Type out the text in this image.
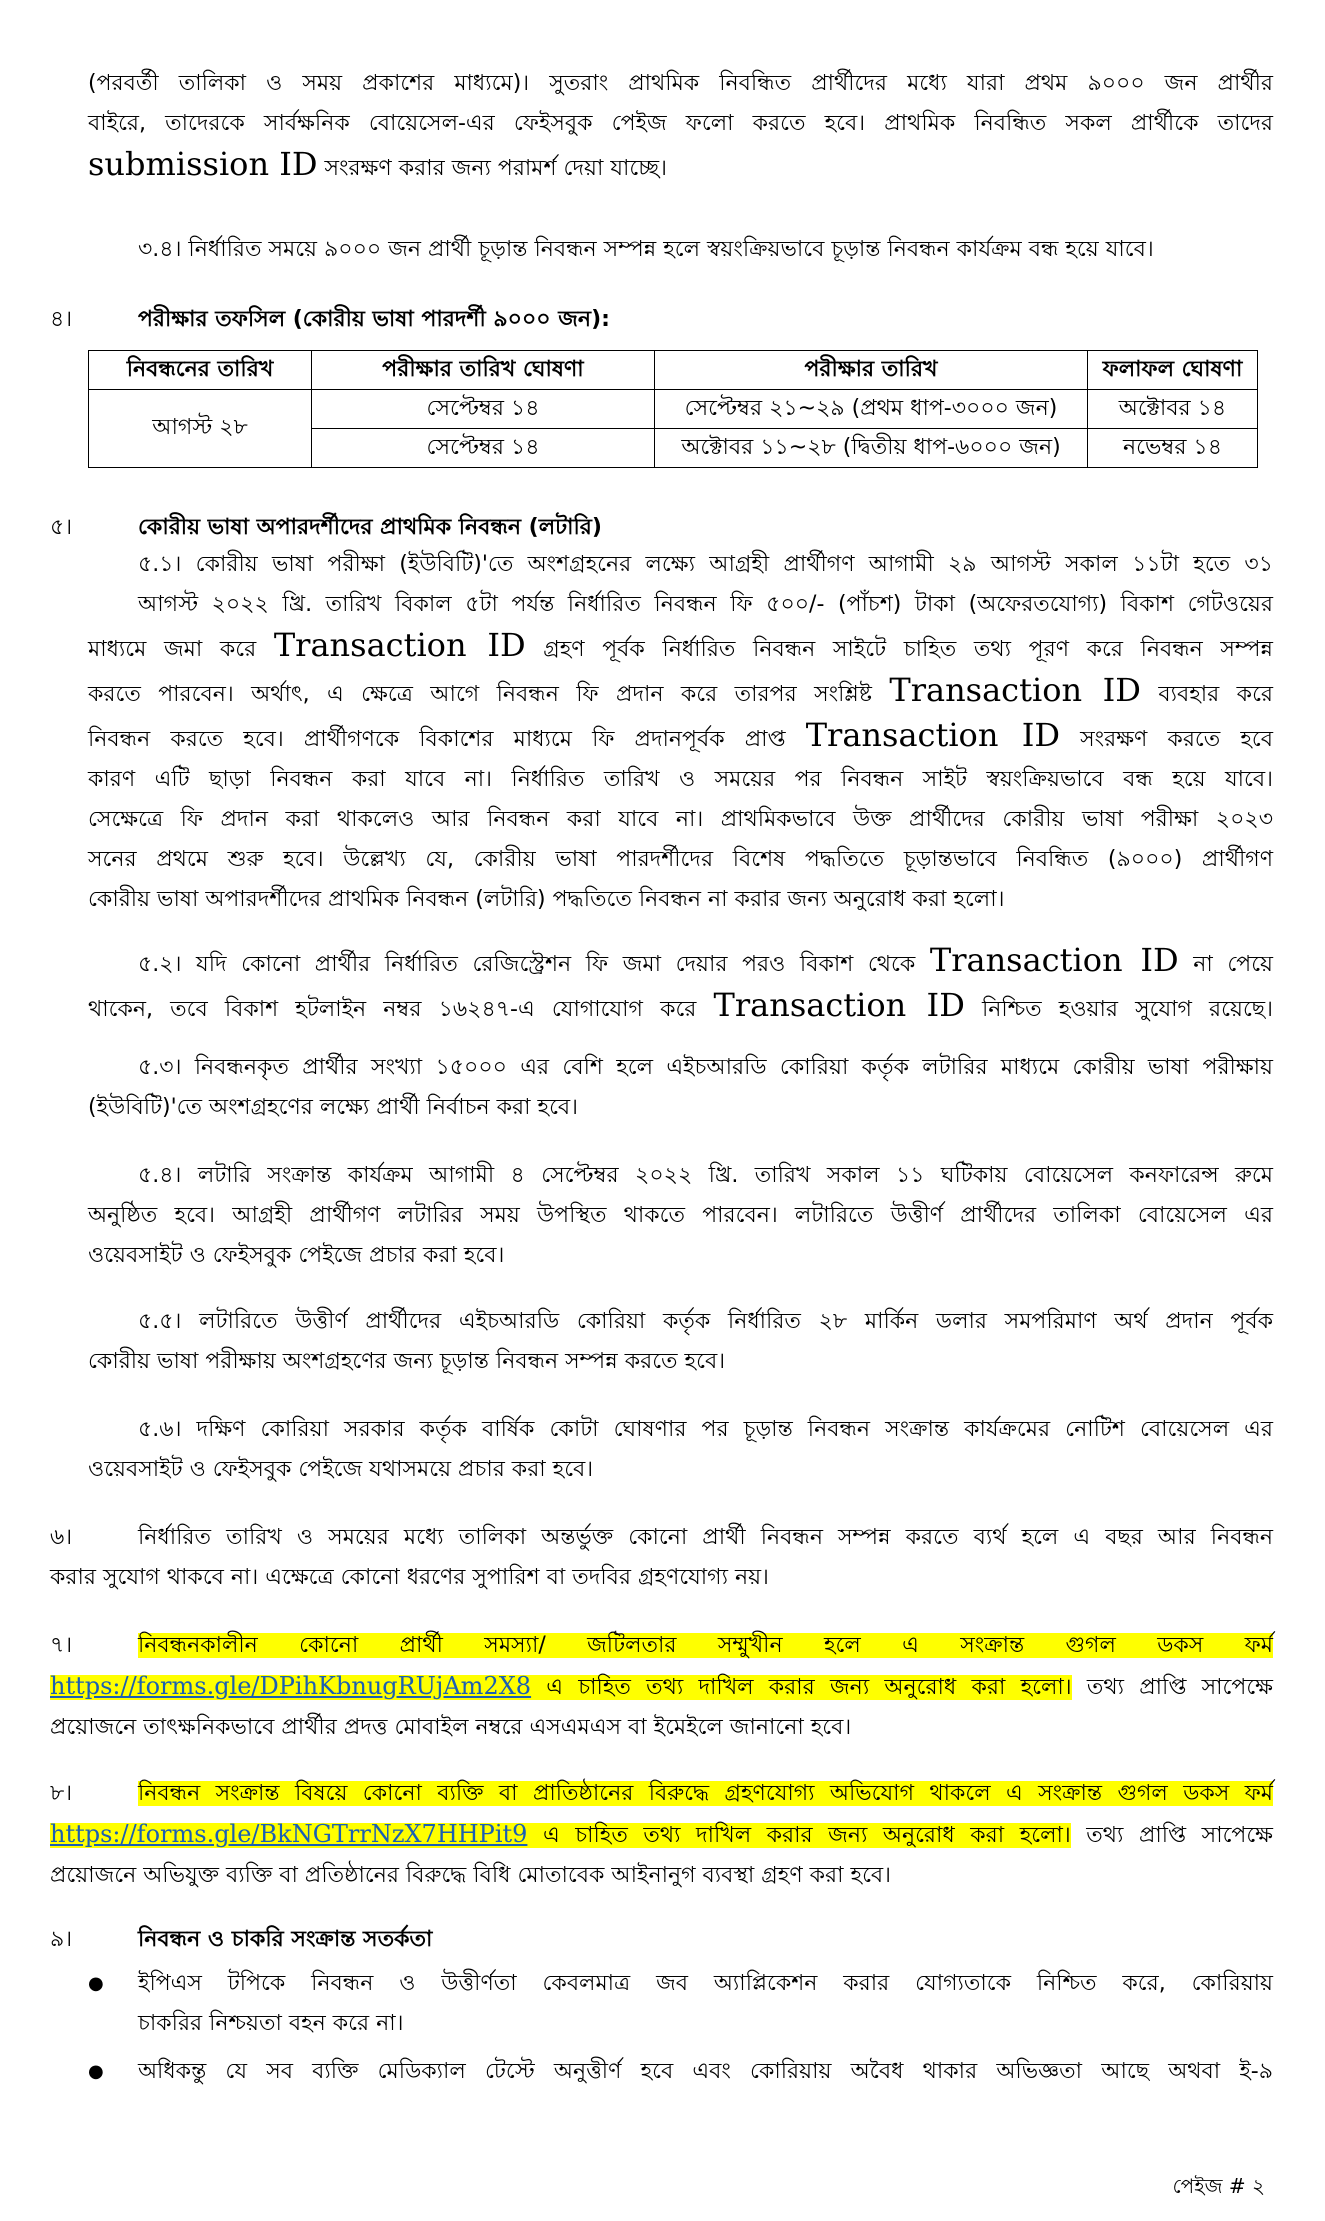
(পরবর্তী তালিকা ও সময় প্রকাশের মাধ্যমে)। সুতরাং প্রাথমিক নিবন্ধিত প্রার্থীদের মধ্যে যারা প্রথম ৯০০০ জন প্রার্থীর
বাইরে, তাদেরকে সার্বক্ষনিক বোয়েসেল-এর ফেইসবুক পেইজ ফলো করতে হবে। প্রাথমিক নিবন্ধিত সকল প্রার্থীকে তাদের
submission ID সংরক্ষণ করার জন্য পরামর্শ দেয়া যাচ্ছে।
৩.৪। নির্ধারিত সময়ে ৯০০০ জন প্রার্থী চূড়ান্ত নিবন্ধন সম্পন্ন হলে স্বয়ংক্রিয়ভাবে চূড়ান্ত নিবন্ধন কার্যক্রম বন্ধ হয়ে যাবে।
৪।	পরীক্ষার তফসিল (কোরীয় ভাষা পারদর্শী ৯০০০ জন):
নিবন্ধনের তারিখ	পরীক্ষার তারিখ ঘোষণা	পরীক্ষার তারিখ	ফলাফল ঘোষণা
আগস্ট ২৮	সেপ্টেম্বর ১৪	সেপ্টেম্বর ২১~২৯ (প্রথম ধাপ-৩০০০ জন)	অক্টোবর ১৪
	সেপ্টেম্বর ১৪	অক্টোবর ১১~২৮ (দ্বিতীয় ধাপ-৬০০০ জন)	নভেম্বর ১৪
৫।	কোরীয় ভাষা অপারদর্শীদের প্রাথমিক নিবন্ধন (লটারি)
৫.১। কোরীয় ভাষা পরীক্ষা (ইউবিটি)'তে অংশগ্রহনের লক্ষ্যে আগ্রহী প্রার্থীগণ আগামী ২৯ আগস্ট সকাল ১১টা হতে ৩১
আগস্ট ২০২২ খ্রি. তারিখ বিকাল ৫টা পর্যন্ত নির্ধারিত নিবন্ধন ফি ৫০০/- (পাঁচশ) টাকা (অফেরতযোগ্য) বিকাশ গেটওয়ের
মাধ্যমে জমা করে Transaction ID গ্রহণ পূর্বক নির্ধারিত নিবন্ধন সাইটে চাহিত তথ্য পূরণ করে নিবন্ধন সম্পন্ন
করতে পারবেন। অর্থাৎ, এ ক্ষেত্রে আগে নিবন্ধন ফি প্রদান করে তারপর সংশ্লিষ্ট Transaction ID ব্যবহার করে
নিবন্ধন করতে হবে। প্রার্থীগণকে বিকাশের মাধ্যমে ফি প্রদানপূর্বক প্রাপ্ত Transaction ID সংরক্ষণ করতে হবে
কারণ এটি ছাড়া নিবন্ধন করা যাবে না। নির্ধারিত তারিখ ও সময়ের পর নিবন্ধন সাইট স্বয়ংক্রিয়ভাবে বন্ধ হয়ে যাবে।
সেক্ষেত্রে ফি প্রদান করা থাকলেও আর নিবন্ধন করা যাবে না। প্রাথমিকভাবে উক্ত প্রার্থীদের কোরীয় ভাষা পরীক্ষা ২০২৩
সনের প্রথমে শুরু হবে। উল্লেখ্য যে, কোরীয় ভাষা পারদর্শীদের বিশেষ পদ্ধতিতে চূড়ান্তভাবে নিবন্ধিত (৯০০০) প্রার্থীগণ
কোরীয় ভাষা অপারদর্শীদের প্রাথমিক নিবন্ধন (লটারি) পদ্ধতিতে নিবন্ধন না করার জন্য অনুরোধ করা হলো।
৫.২। যদি কোনো প্রার্থীর নির্ধারিত রেজিস্ট্রেশন ফি জমা দেয়ার পরও বিকাশ থেকে Transaction ID না পেয়ে
থাকেন, তবে বিকাশ হটলাইন নম্বর ১৬২৪৭-এ যোগাযোগ করে Transaction ID নিশ্চিত হওয়ার সুযোগ রয়েছে।
৫.৩। নিবন্ধনকৃত প্রার্থীর সংখ্যা ১৫০০০ এর বেশি হলে এইচআরডি কোরিয়া কর্তৃক লটারির মাধ্যমে কোরীয় ভাষা পরীক্ষায়
(ইউবিটি)'তে অংশগ্রহণের লক্ষ্যে প্রার্থী নির্বাচন করা হবে।
৫.৪। লটারি সংক্রান্ত কার্যক্রম আগামী ৪ সেপ্টেম্বর ২০২২ খ্রি. তারিখ সকাল ১১ ঘটিকায় বোয়েসেল কনফারেন্স রুমে
অনুষ্ঠিত হবে। আগ্রহী প্রার্থীগণ লটারির সময় উপস্থিত থাকতে পারবেন। লটারিতে উত্তীর্ণ প্রার্থীদের তালিকা বোয়েসেল এর
ওয়েবসাইট ও ফেইসবুক পেইজে প্রচার করা হবে।
৫.৫। লটারিতে উত্তীর্ণ প্রার্থীদের এইচআরডি কোরিয়া কর্তৃক নির্ধারিত ২৮ মার্কিন ডলার সমপরিমাণ অর্থ প্রদান পূর্বক
কোরীয় ভাষা পরীক্ষায় অংশগ্রহণের জন্য চূড়ান্ত নিবন্ধন সম্পন্ন করতে হবে।
৫.৬। দক্ষিণ কোরিয়া সরকার কর্তৃক বার্ষিক কোটা ঘোষণার পর চূড়ান্ত নিবন্ধন সংক্রান্ত কার্যক্রমের নোটিশ বোয়েসেল এর
ওয়েবসাইট ও ফেইসবুক পেইজে যথাসময়ে প্রচার করা হবে।
৬।	নির্ধারিত তারিখ ও সময়ের মধ্যে তালিকা অন্তর্ভুক্ত কোনো প্রার্থী নিবন্ধন সম্পন্ন করতে ব্যর্থ হলে এ বছর আর নিবন্ধন
করার সুযোগ থাকবে না। এক্ষেত্রে কোনো ধরণের সুপারিশ বা তদবির গ্রহণযোগ্য নয়।
৭।	নিবন্ধনকালীন কোনো প্রার্থী সমস্যা/ জটিলতার সম্মুখীন হলে এ সংক্রান্ত গুগল ডকস ফর্ম
https://forms.gle/DPihKbnugRUjAm2X8 এ চাহিত তথ্য দাখিল করার জন্য অনুরোধ করা হলো। তথ্য প্রাপ্তি সাপেক্ষে
প্রয়োজনে তাৎক্ষনিকভাবে প্রার্থীর প্রদত্ত মোবাইল নম্বরে এসএমএস বা ইমেইলে জানানো হবে।
৮।	নিবন্ধন সংক্রান্ত বিষয়ে কোনো ব্যক্তি বা প্রাতিষ্ঠানের বিরুদ্ধে গ্রহণযোগ্য অভিযোগ থাকলে এ সংক্রান্ত গুগল ডকস ফর্ম
https://forms.gle/BkNGTrrNzX7HHPit9 এ চাহিত তথ্য দাখিল করার জন্য অনুরোধ করা হলো। তথ্য প্রাপ্তি সাপেক্ষে
প্রয়োজনে অভিযুক্ত ব্যক্তি বা প্রতিষ্ঠানের বিরুদ্ধে বিধি মোতাবেক আইনানুগ ব্যবস্থা গ্রহণ করা হবে।
৯।	নিবন্ধন ও চাকরি সংক্রান্ত সতর্কতা
● ইপিএস টপিকে নিবন্ধন ও উত্তীর্ণতা কেবলমাত্র জব অ্যাপ্লিকেশন করার যোগ্যতাকে নিশ্চিত করে, কোরিয়ায়
চাকরির নিশ্চয়তা বহন করে না।
● অধিকন্তু যে সব ব্যক্তি মেডিক্যাল টেস্টে অনুত্তীর্ণ হবে এবং কোরিয়ায় অবৈধ থাকার অভিজ্ঞতা আছে অথবা ই-৯
পেইজ # ২
